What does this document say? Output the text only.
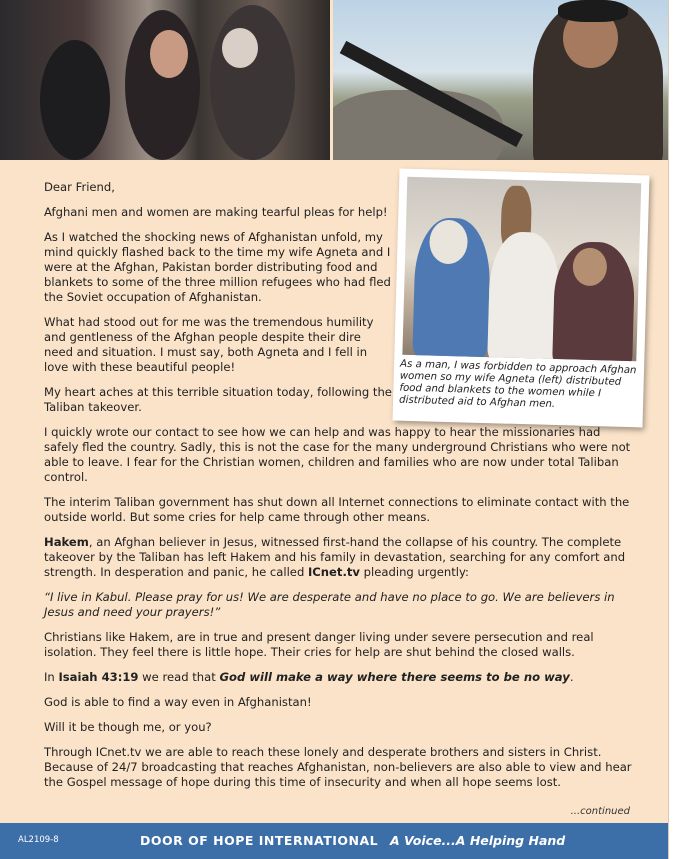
As a man, I was forbidden to approach Afghan women so my wife Agneta (left) distributed food and blankets to the women while I distributed aid to Afghan men.

Dear Friend,

Afghani men and women are making tearful pleas for help!

As I watched the shocking news of Afghanistan unfold, my mind quickly flashed back to the time my wife Agneta and I were at the Afghan, Pakistan border distributing food and blankets to some of the three million refugees who had fled the Soviet occupation of Afghanistan.

What had stood out for me was the tremendous humility and gentleness of the Afghan people despite their dire need and situation. I must say, both Agneta and I fell in love with these beautiful people!

My heart aches at this terrible situation today, following the Taliban takeover.

I quickly wrote our contact to see how we can help and was happy to hear the missionaries had safely fled the country. Sadly, this is not the case for the many underground Christians who were not able to leave. I fear for the Christian women, children and families who are now under total Taliban control.

The interim Taliban government has shut down all Internet connections to eliminate contact with the outside world. But some cries for help came through other means.

Hakem, an Afghan believer in Jesus, witnessed first-hand the collapse of his country. The complete takeover by the Taliban has left Hakem and his family in devastation, searching for any comfort and strength. In desperation and panic, he called ICnet.tv pleading urgently:

“I live in Kabul. Please pray for us! We are desperate and have no place to go. We are believers in Jesus and need your prayers!”

Christians like Hakem, are in true and present danger living under severe persecution and real isolation. They feel there is little hope. Their cries for help are shut behind the closed walls.

In Isaiah 43:19 we read that God will make a way where there seems to be no way.

God is able to find a way even in Afghanistan!

Will it be though me, or you?

Through ICnet.tv we are able to reach these lonely and desperate brothers and sisters in Christ. Because of 24/7 broadcasting that reaches Afghanistan, non-believers are also able to view and hear the Gospel message of hope during this time of insecurity and when all hope seems lost.

...continued
AL2109-8	DOOR OF HOPE INTERNATIONAL A Voice...A Helping Hand
